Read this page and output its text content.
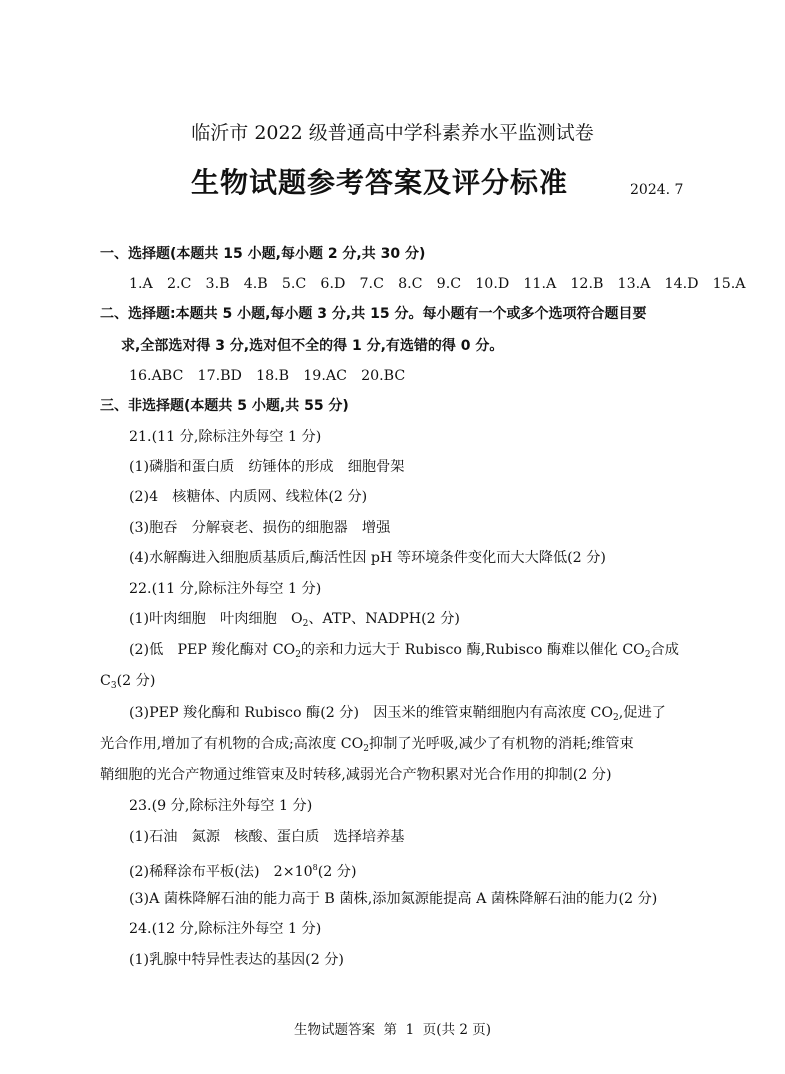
临沂市 2022 级普通高中学科素养水平监测试卷
生物试题参考答案及评分标准	2024. 7
一、选择题(本题共 15 小题,每小题 2 分,共 30 分)
1.A　2.C　3.B　4.B　5.C　6.D　7.C　8.C　9.C　10.D　11.A　12.B　13.A　14.D　15.A
二、选择题:本题共 5 小题,每小题 3 分,共 15 分。每小题有一个或多个选项符合题目要
求,全部选对得 3 分,选对但不全的得 1 分,有选错的得 0 分。
16.ABC　17.BD　18.B　19.AC　20.BC
三、非选择题(本题共 5 小题,共 55 分)
21.(11 分,除标注外每空 1 分)
(1)磷脂和蛋白质　纺锤体的形成　细胞骨架
(2)4　核糖体、内质网、线粒体(2 分)
(3)胞吞　分解衰老、损伤的细胞器　增强
(4)水解酶进入细胞质基质后,酶活性因 pH 等环境条件变化而大大降低(2 分)
22.(11 分,除标注外每空 1 分)
(1)叶肉细胞　叶肉细胞　$O_2$、ATP、NADPH(2 分)
(2)低　PEP 羧化酶对 $CO_2$的亲和力远大于 Rubisco 酶,Rubisco 酶难以催化 $CO_2$合成
$C_3(2$ 分)
(3)PEP 羧化酶和 Rubisco 酶(2 分)　因玉米的维管束鞘细胞内有高浓度 $CO_2$,促进了
光合作用,增加了有机物的合成;高浓度 $CO_2$抑制了光呼吸,减少了有机物的消耗;维管束
鞘细胞的光合产物通过维管束及时转移,减弱光合产物积累对光合作用的抑制(2 分)
23.(9 分,除标注外每空 1 分)
(1)石油　氮源　核酸、蛋白质　选择培养基
(2)稀释涂布平板(法)　$2\times 10^8(2$ 分)
(3)A 菌株降解石油的能力高于 B 菌株,添加氮源能提高 A 菌株降解石油的能力(2 分)
24.(12 分,除标注外每空 1 分)
(1)乳腺中特异性表达的基因(2 分)
生物试题答案  第  1  页(共 2 页)
